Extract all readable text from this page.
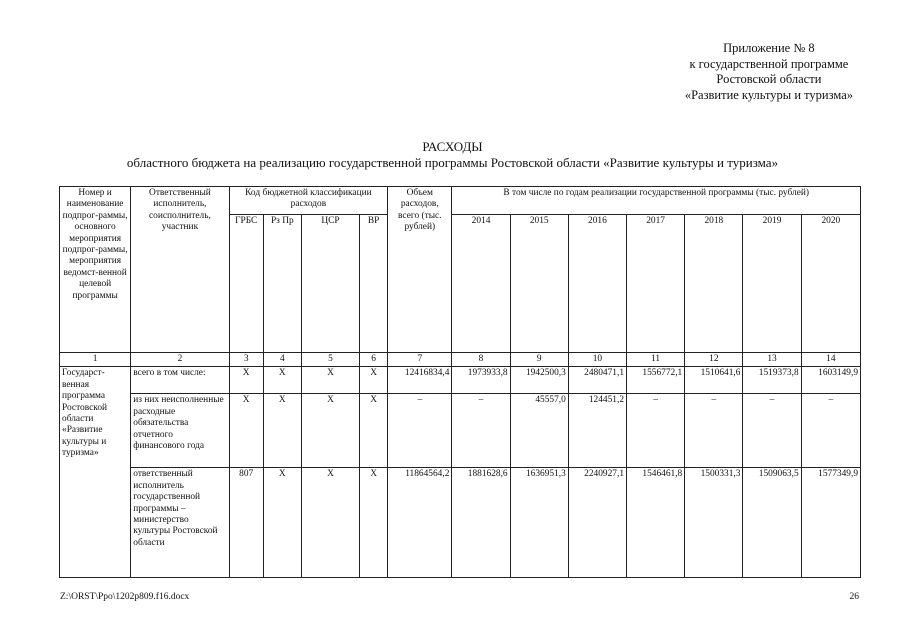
Приложение № 8
к государственной программе
Ростовской области
«Развитие культуры и туризма»
РАСХОДЫ
областного бюджета на реализацию государственной программы Ростовской области «Развитие культуры и туризма»
Номер и наименование подпрог-раммы, основного мероприятия подпрог-раммы, мероприятия ведомст-венной целевой программы	Ответственный исполнитель, соисполнитель, участник	Код бюджетной классификации расходов				Объем расходов, всего (тыс. рублей)	В том числе по годам реализации государственной программы (тыс. рублей)						
		ГРБС	Рз Пр	ЦСР	ВР		2014	2015	2016	2017	2018	2019	2020
1	2	3	4	5	6	7	8	9	10	11	12	13	14
Государст-венная программа Ростовской области «Развитие культуры и туризма»	всего в том числе:	Х	Х	Х	Х	12416834,4	1973933,8	1942500,3	2480471,1	1556772,1	1510641,6	1519373,8	1603149,9
	из них неисполненные расходные обязательства отчетного финансового года	Х	Х	Х	Х	–	–	45557,0	124451,2	–	–	–	–
	ответственный исполнитель государственной программы – министерство культуры Ростовской области	807	Х	Х	Х	11864564,2	1881628,6	1636951,3	2240927,1	1546461,8	1500331,3	1509063,5	1577349,9
Z:\ORST\Ppo\1202p809.f16.docx	26
